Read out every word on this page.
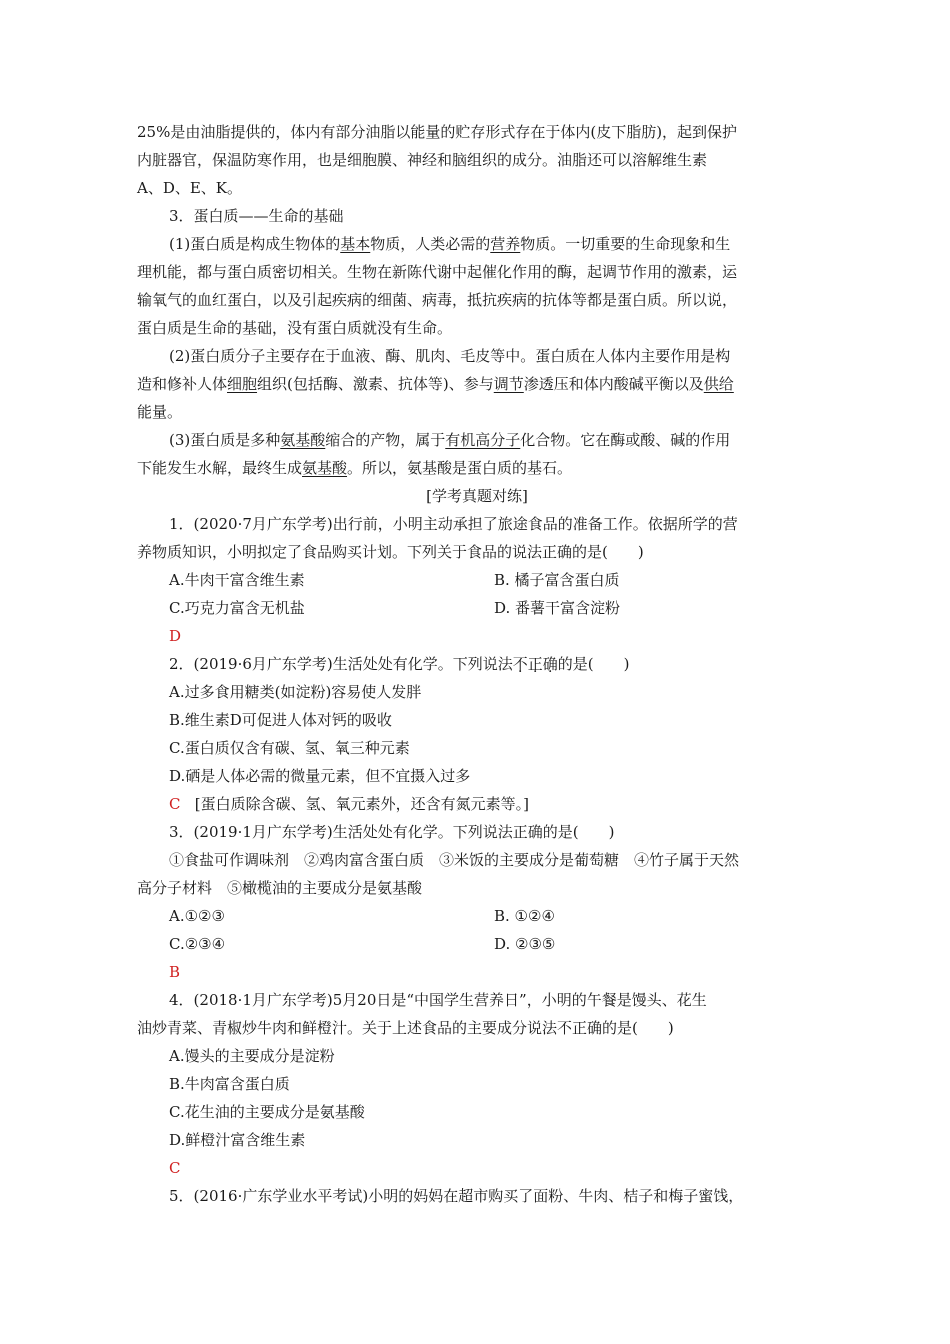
25%是由油脂提供的，体内有部分油脂以能量的贮存形式存在于体内(皮下脂肪)，起到保护
内脏器官，保温防寒作用，也是细胞膜、神经和脑组织的成分。油脂还可以溶解维生素
A、D、E、K。
3．蛋白质——生命的基础
(1)蛋白质是构成生物体的基本物质，人类必需的营养物质。一切重要的生命现象和生
理机能，都与蛋白质密切相关。生物在新陈代谢中起催化作用的酶，起调节作用的激素，运
输氧气的血红蛋白，以及引起疾病的细菌、病毒，抵抗疾病的抗体等都是蛋白质。所以说，
蛋白质是生命的基础，没有蛋白质就没有生命。
(2)蛋白质分子主要存在于血液、酶、肌肉、毛皮等中。蛋白质在人体内主要作用是构
造和修补人体细胞组织(包括酶、激素、抗体等)、参与调节渗透压和体内酸碱平衡以及供给
能量。
(3)蛋白质是多种氨基酸缩合的产物，属于有机高分子化合物。它在酶或酸、碱的作用
下能发生水解，最终生成氨基酸。所以，氨基酸是蛋白质的基石。
[学考真题对练]
1．(2020·7月广东学考)出行前，小明主动承担了旅途食品的准备工作。依据所学的营
养物质知识，小明拟定了食品购买计划。下列关于食品的说法正确的是(　　)
A.牛肉干富含维生素	B. 橘子富含蛋白质
C.巧克力富含无机盐	D. 番薯干富含淀粉
D
2．(2019·6月广东学考)生活处处有化学。下列说法不正确的是(　　)
A.过多食用糖类(如淀粉)容易使人发胖
B.维生素D可促进人体对钙的吸收
C.蛋白质仅含有碳、氢、氧三种元素
D.硒是人体必需的微量元素，但不宜摄入过多
C [蛋白质除含碳、氢、氧元素外，还含有氮元素等。]
3．(2019·1月广东学考)生活处处有化学。下列说法正确的是(　　)
①食盐可作调味剂　②鸡肉富含蛋白质　③米饭的主要成分是葡萄糖　④竹子属于天然
高分子材料　⑤橄榄油的主要成分是氨基酸
A.①②③	B. ①②④
C.②③④	D. ②③⑤
B
4．(2018·1月广东学考)5月20日是“中国学生营养日”，小明的午餐是馒头、花生
油炒青菜、青椒炒牛肉和鲜橙汁。关于上述食品的主要成分说法不正确的是(　　)
A.馒头的主要成分是淀粉
B.牛肉富含蛋白质
C.花生油的主要成分是氨基酸
D.鲜橙汁富含维生素
C
5．(2016·广东学业水平考试)小明的妈妈在超市购买了面粉、牛肉、桔子和梅子蜜饯，
